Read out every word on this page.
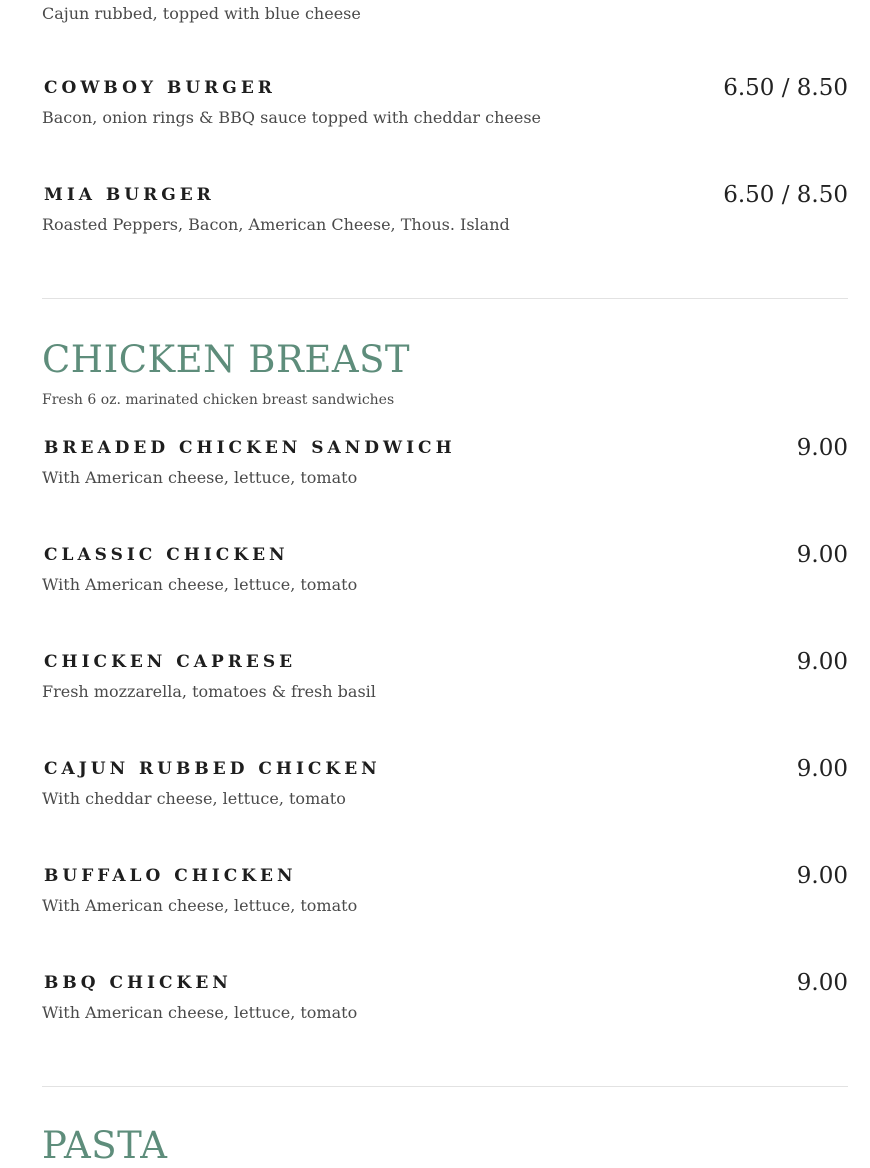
Cajun rubbed, topped with blue cheese
COWBOY BURGER	6.50 / 8.50
Bacon, onion rings & BBQ sauce topped with cheddar cheese
MIA BURGER	6.50 / 8.50
Roasted Peppers, Bacon, American Cheese, Thous. Island
CHICKEN BREAST
Fresh 6 oz. marinated chicken breast sandwiches
BREADED CHICKEN SANDWICH	9.00
With American cheese, lettuce, tomato
CLASSIC CHICKEN	9.00
With American cheese, lettuce, tomato
CHICKEN CAPRESE	9.00
Fresh mozzarella, tomatoes & fresh basil
CAJUN RUBBED CHICKEN	9.00
With cheddar cheese, lettuce, tomato
BUFFALO CHICKEN	9.00
With American cheese, lettuce, tomato
BBQ CHICKEN	9.00
With American cheese, lettuce, tomato
PASTA
